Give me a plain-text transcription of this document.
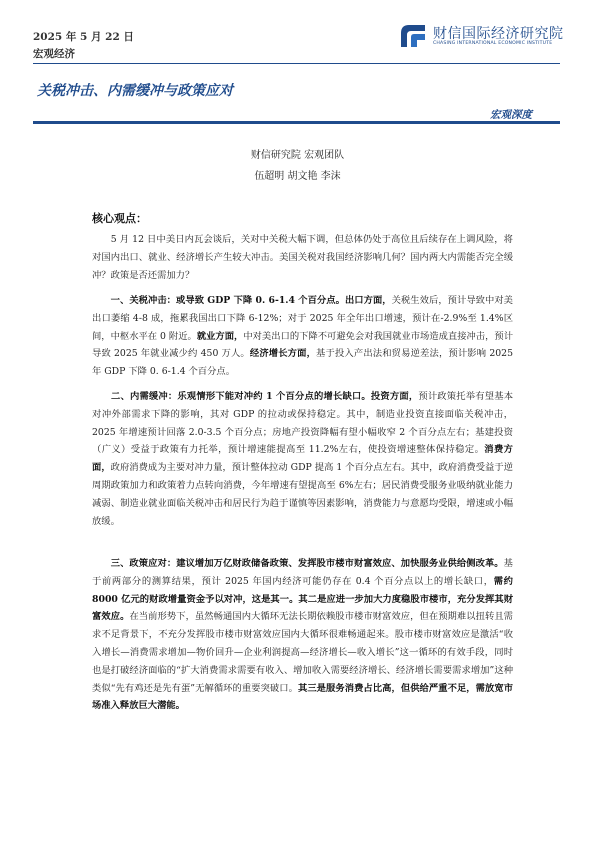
2025 年 5 月 22 日
宏观经济
财信国际经济研究院
CHASING INTERNATIONAL ECONOMIC INSTITUTE
关税冲击、内需缓冲与政策应对
宏观深度
财信研究院 宏观团队
伍超明 胡文艳 李沫
核心观点：
　　5 月 12 日中美日内瓦会谈后，关对中关税大幅下调，但总体仍处于高位且后续存在上调风险，将对国内出口、就业、经济增长产生较大冲击。美国关税对我国经济影响几何？国内两大内需能否完全缓冲？政策是否还需加力？
　　一、关税冲击：或导致 GDP 下降 0. 6-1.4 个百分点。出口方面，关税生效后，预计导致中对美出口萎缩 4-8 成，拖累我国出口下降 6-12%；对于 2025 年全年出口增速，预计在-2.9%至 1.4%区间，中枢水平在 0 附近。就业方面，中对美出口的下降不可避免会对我国就业市场造成直接冲击，预计导致 2025 年就业减少约 450 万人。经济增长方面，基于投入产出法和贸易逆差法，预计影响 2025 年 GDP 下降 0. 6-1.4 个百分点。
　　二、内需缓冲：乐观情形下能对冲约 1 个百分点的增长缺口。投资方面，预计政策托举有望基本对冲外部需求下降的影响，其对 GDP 的拉动或保持稳定。其中，制造业投资直接面临关税冲击，2025 年增速预计回落 2.0-3.5 个百分点；房地产投资降幅有望小幅收窄 2 个百分点左右；基建投资（广义）受益于政策有力托举，预计增速能提高至 11.2%左右，使投资增速整体保持稳定。消费方面，政府消费成为主要对冲力量，预计整体拉动 GDP 提高 1 个百分点左右。其中，政府消费受益于逆周期政策加力和政策着力点转向消费，今年增速有望提高至 6%左右；居民消费受服务业吸纳就业能力减弱、制造业就业面临关税冲击和居民行为趋于谨慎等因素影响，消费能力与意愿均受限，增速或小幅放缓。
　　三、政策应对：建议增加万亿财政储备政策、发挥股市楼市财富效应、加快服务业供给侧改革。基于前两部分的测算结果，预计 2025 年国内经济可能仍存在 0.4 个百分点以上的增长缺口，需约 8000 亿元的财政增量资金予以对冲，这是其一。其二是应进一步加大力度稳股市楼市，充分发挥其财富效应。在当前形势下，虽然畅通国内大循环无法长期依赖股市楼市财富效应，但在预期难以扭转且需求不足背景下，不充分发挥股市楼市财富效应国内大循环很难畅通起来。股市楼市财富效应是激活“收入增长—消费需求增加—物价回升—企业利润提高—经济增长—收入增长”这一循环的有效手段，同时也是打破经济面临的“扩大消费需求需要有收入、增加收入需要经济增长、经济增长需要需求增加”这种类似“先有鸡还是先有蛋”无解循环的重要突破口。其三是服务消费占比高，但供给严重不足，需放宽市场准入释放巨大潜能。
